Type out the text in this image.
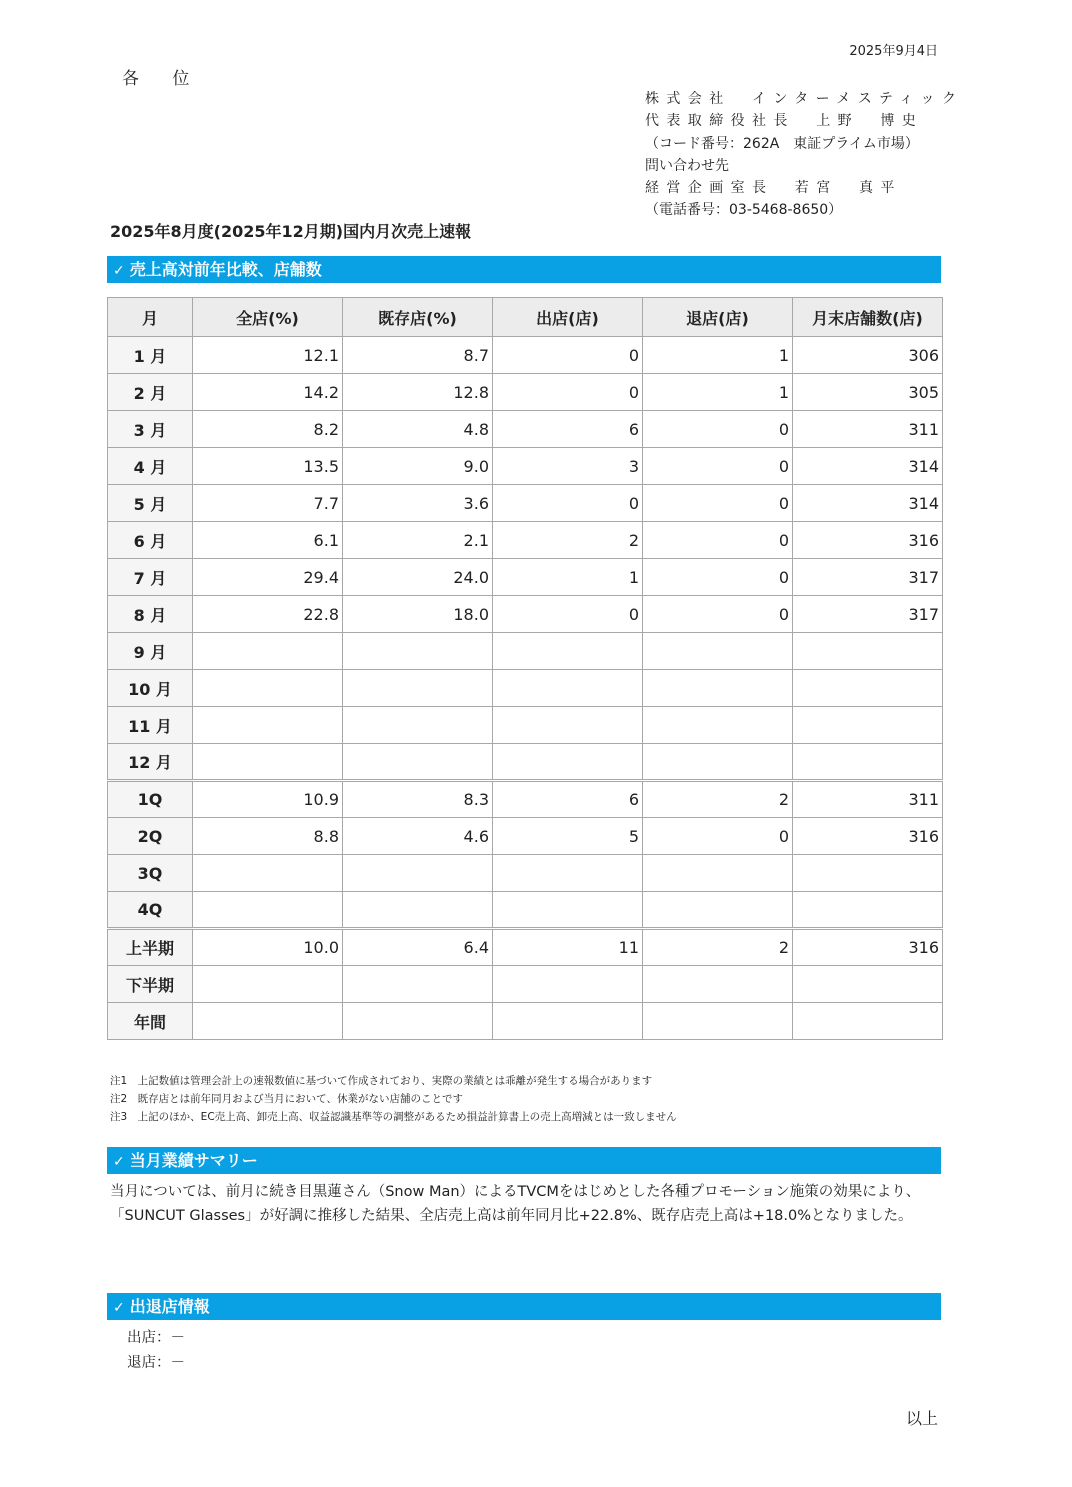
2025年9月4日
各 位
株式会社　インターメスティック
代表取締役社長　上野　博史
（コード番号：262A　東証プライム市場）
問い合わせ先
経営企画室長　若宮　真平
（電話番号：03-5468-8650）
2025年8月度(2025年12月期)国内月次売上速報
✓ 売上高対前年比較、店舗数
月	全店(%)	既存店(%)	出店(店)	退店(店)	月末店舗数(店)
1 月	12.1	8.7	0	1	306
2 月	14.2	12.8	0	1	305
3 月	8.2	4.8	6	0	311
4 月	13.5	9.0	3	0	314
5 月	7.7	3.6	0	0	314
6 月	6.1	2.1	2	0	316
7 月	29.4	24.0	1	0	317
8 月	22.8	18.0	0	0	317
9 月					
10 月					
11 月					
12 月					
1Q	10.9	8.3	6	2	311
2Q	8.8	4.6	5	0	316
3Q					
4Q					
上半期	10.0	6.4	11	2	316
下半期					
年間					
注1　上記数値は管理会計上の速報数値に基づいて作成されており、実際の業績とは乖離が発生する場合があります
注2　既存店とは前年同月および当月において、休業がない店舗のことです
注3　上記のほか、EC売上高、卸売上高、収益認識基準等の調整があるため損益計算書上の売上高増減とは一致しません
✓ 当月業績サマリー
当月については、前月に続き目黒蓮さん（Snow Man）によるTVCMをはじめとした各種プロモーション施策の効果により、
「SUNCUT Glasses」が好調に推移した結果、全店売上高は前年同月比+22.8%、既存店売上高は+18.0%となりました。
✓ 出退店情報
出店：－
退店：－
以上
